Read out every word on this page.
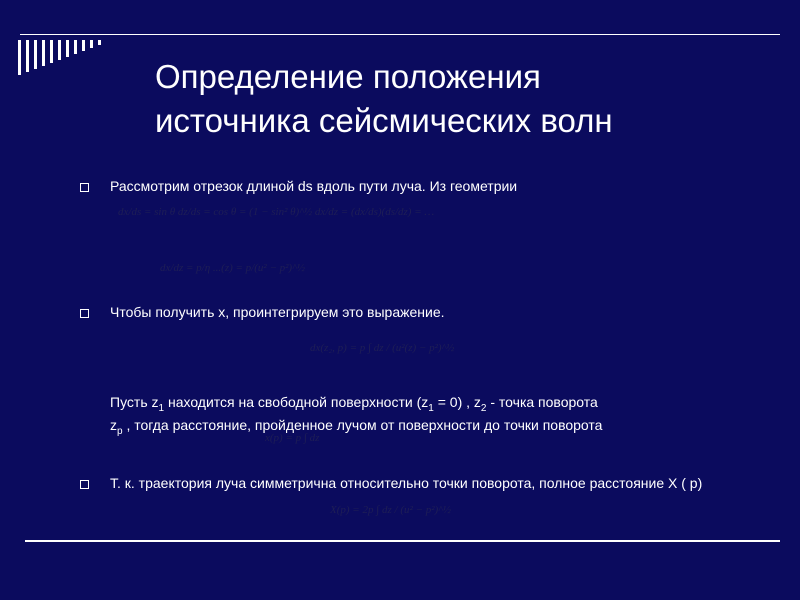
Определение положения
источника сейсмических волн
Рассмотрим отрезок длиной ds вдоль пути луча. Из геометрии
dx/ds = sin θ dz/ds = cos θ = (1 − sin² θ)^½ dx/dz = (dx/ds)(ds/dz) = …
dx/dz = p/η ...(z) = p/(u² − p²)^½
Чтобы получить x, проинтегрируем это выражение.
dx(z₂, p) = p ∫ dz / (u²(z) − p²)^½
Пусть $z_1$ находится на свободной поверхности $(z_1 = 0)$ , $z_2$ - точка поворота
$z_p$ , тогда расстояние, пройденное лучом от поверхности до точки поворота
x(p) = p ∫ dz
Т. к. траектория луча симметрична относительно точки поворота, полное расстояние Х ( р)
X(p) = 2p ∫ dz / (u² − p²)^½
